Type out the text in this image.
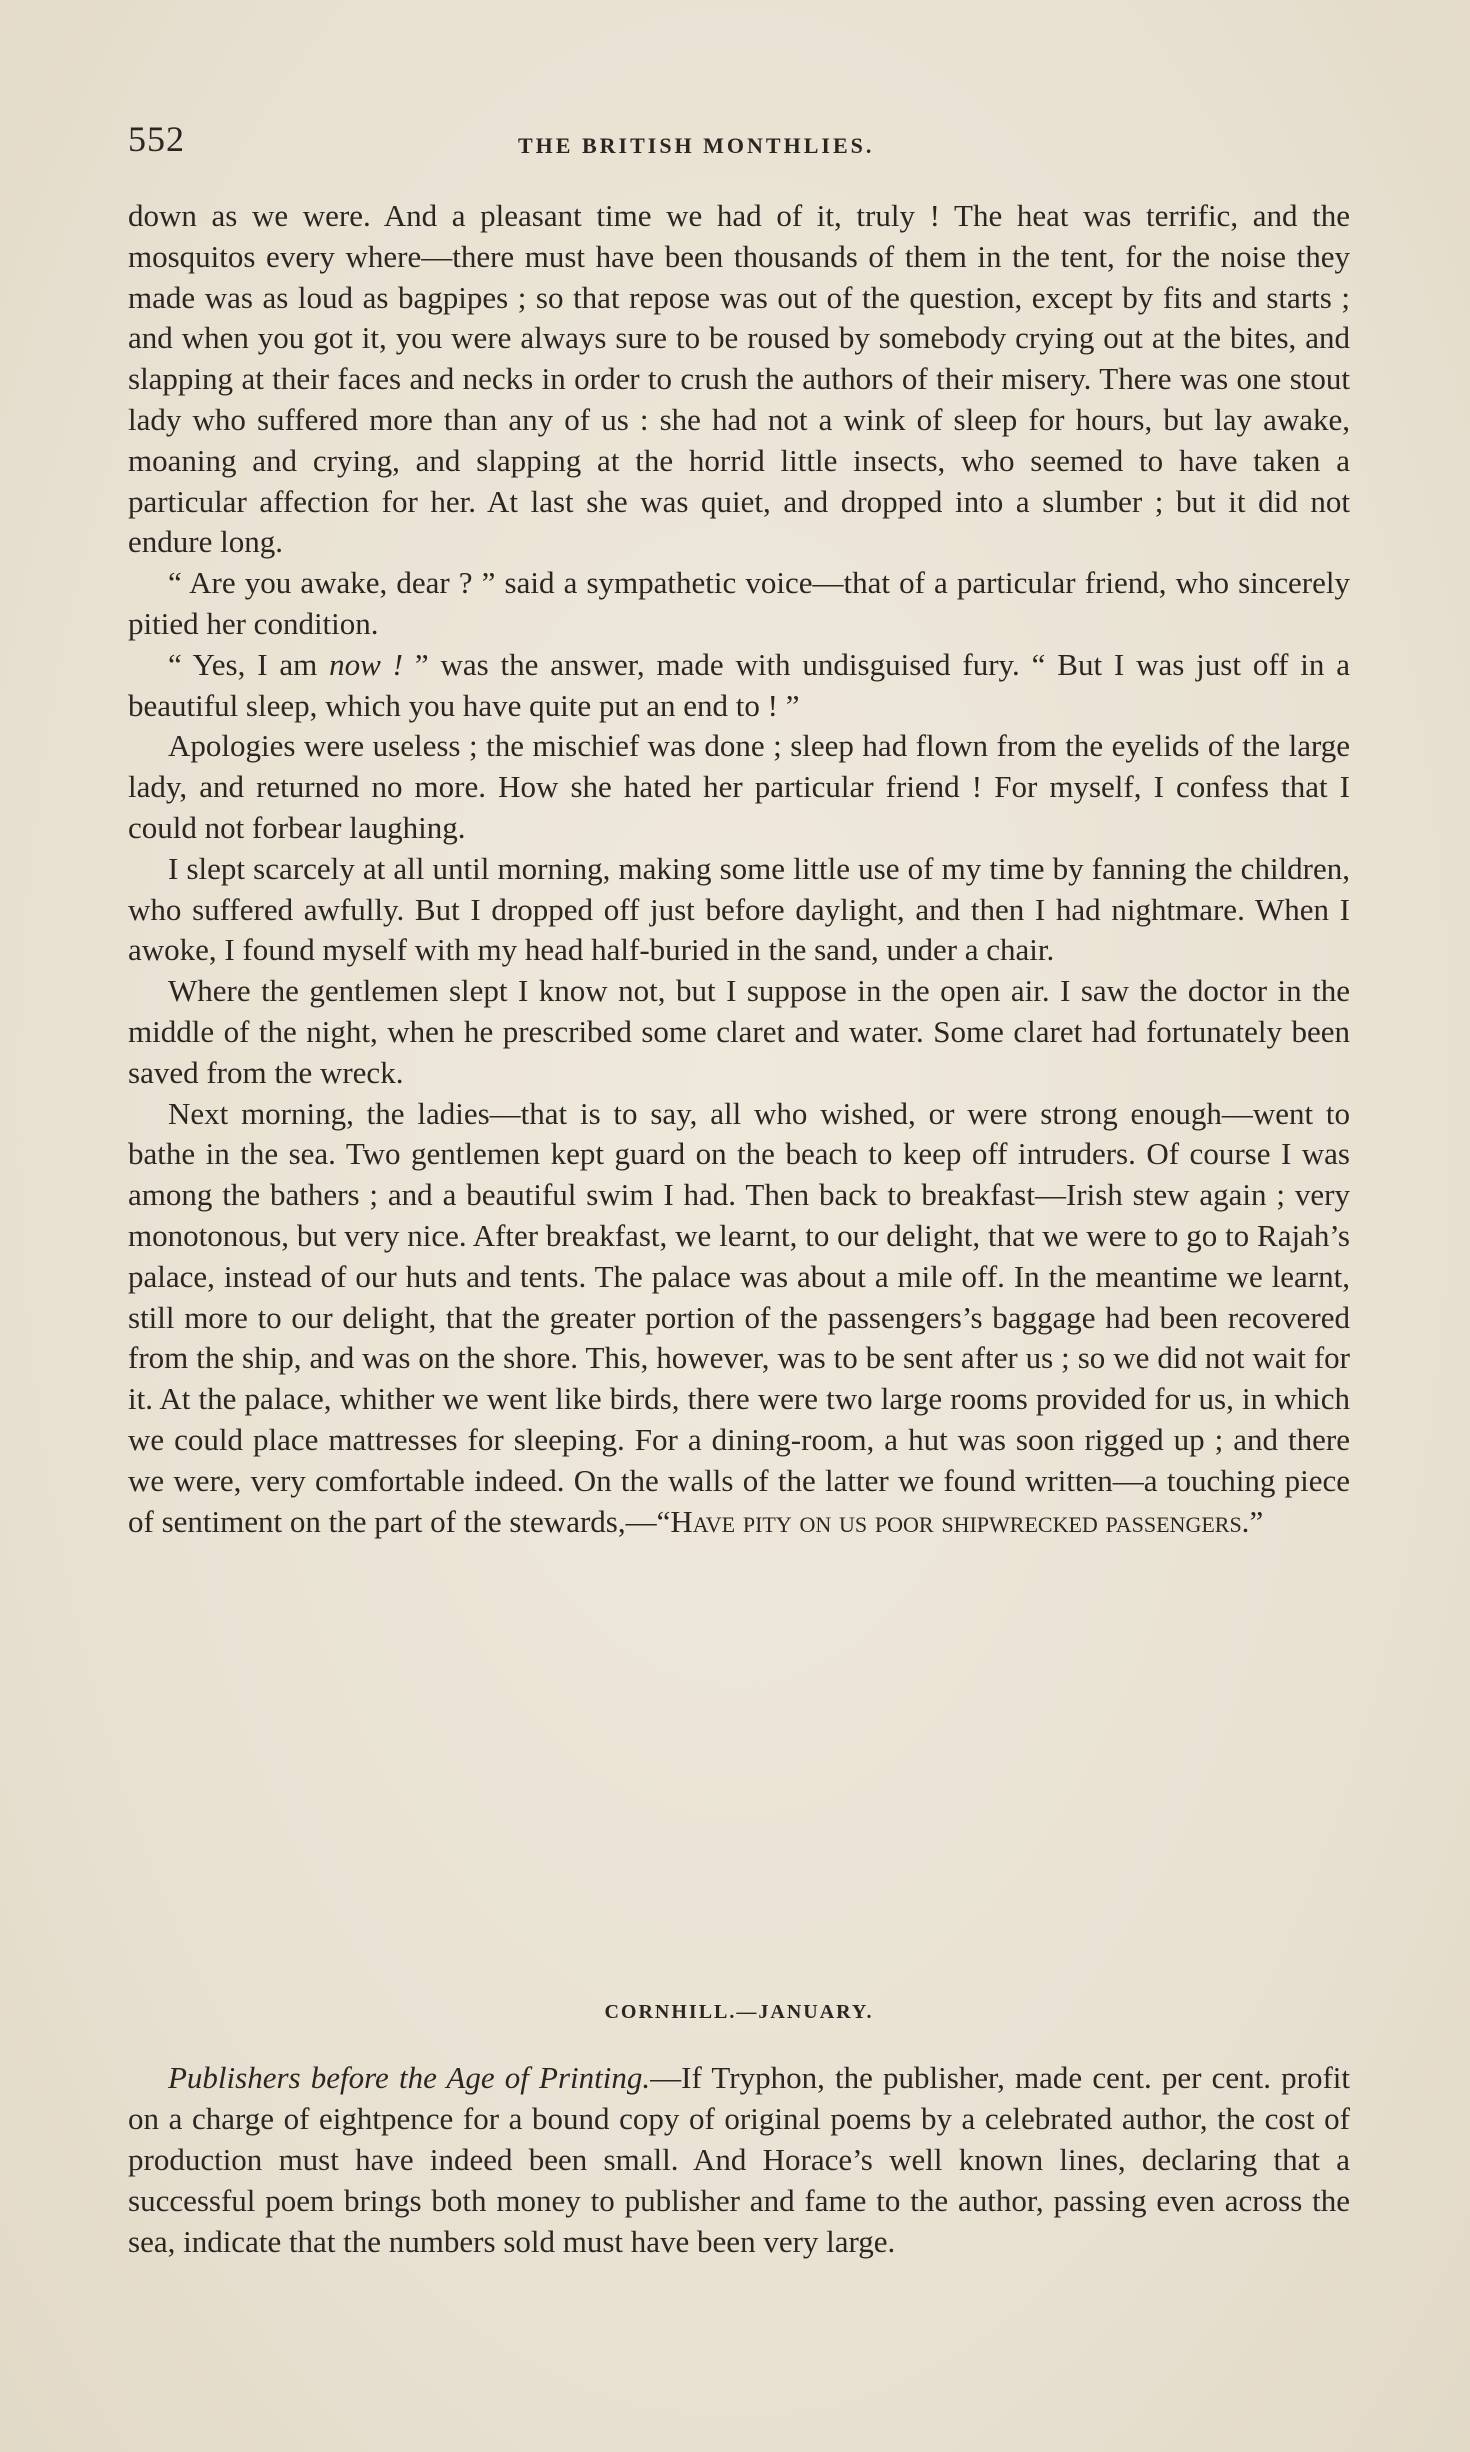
552	THE BRITISH MONTHLIES.

down as we were. And a pleasant time we had of it, truly ! The heat was terrific, and the mosquitos every where—there must have been thousands of them in the tent, for the noise they made was as loud as bagpipes ; so that repose was out of the question, except by fits and starts ; and when you got it, you were always sure to be roused by somebody crying out at the bites, and slapping at their faces and necks in order to crush the authors of their misery. There was one stout lady who suffered more than any of us : she had not a wink of sleep for hours, but lay awake, moaning and crying, and slapping at the horrid little insects, who seemed to have taken a particular affection for her. At last she was quiet, and dropped into a slumber ; but it did not endure long.

“ Are you awake, dear ? ” said a sympathetic voice—that of a particular friend, who sincerely pitied her condition.

“ Yes, I am now ! ” was the answer, made with undisguised fury. “ But I was just off in a beautiful sleep, which you have quite put an end to ! ”

Apologies were useless ; the mischief was done ; sleep had flown from the eyelids of the large lady, and returned no more. How she hated her particular friend ! For myself, I confess that I could not forbear laughing.

I slept scarcely at all until morning, making some little use of my time by fanning the children, who suffered awfully. But I dropped off just before daylight, and then I had nightmare. When I awoke, I found myself with my head half-buried in the sand, under a chair.

Where the gentlemen slept I know not, but I suppose in the open air. I saw the doctor in the middle of the night, when he prescribed some claret and water. Some claret had fortunately been saved from the wreck.

Next morning, the ladies—that is to say, all who wished, or were strong enough—went to bathe in the sea. Two gentlemen kept guard on the beach to keep off intruders. Of course I was among the bathers ; and a beautiful swim I had. Then back to breakfast—Irish stew again ; very monotonous, but very nice. After breakfast, we learnt, to our delight, that we were to go to Rajah’s palace, instead of our huts and tents. The palace was about a mile off. In the meantime we learnt, still more to our delight, that the greater portion of the passengers’s baggage had been recovered from the ship, and was on the shore. This, however, was to be sent after us ; so we did not wait for it. At the palace, whither we went like birds, there were two large rooms provided for us, in which we could place mattresses for sleeping. For a dining-room, a hut was soon rigged up ; and there we were, very comfortable indeed. On the walls of the latter we found written—a touching piece of sentiment on the part of the stewards,—“Have pity on us poor shipwrecked passengers.”

CORNHILL.—JANUARY.

Publishers before the Age of Printing.—If Tryphon, the publisher, made cent. per cent. profit on a charge of eightpence for a bound copy of original poems by a celebrated author, the cost of production must have indeed been small. And Horace’s well known lines, declaring that a successful poem brings both money to publisher and fame to the author, passing even across the sea, indicate that the numbers sold must have been very large.
